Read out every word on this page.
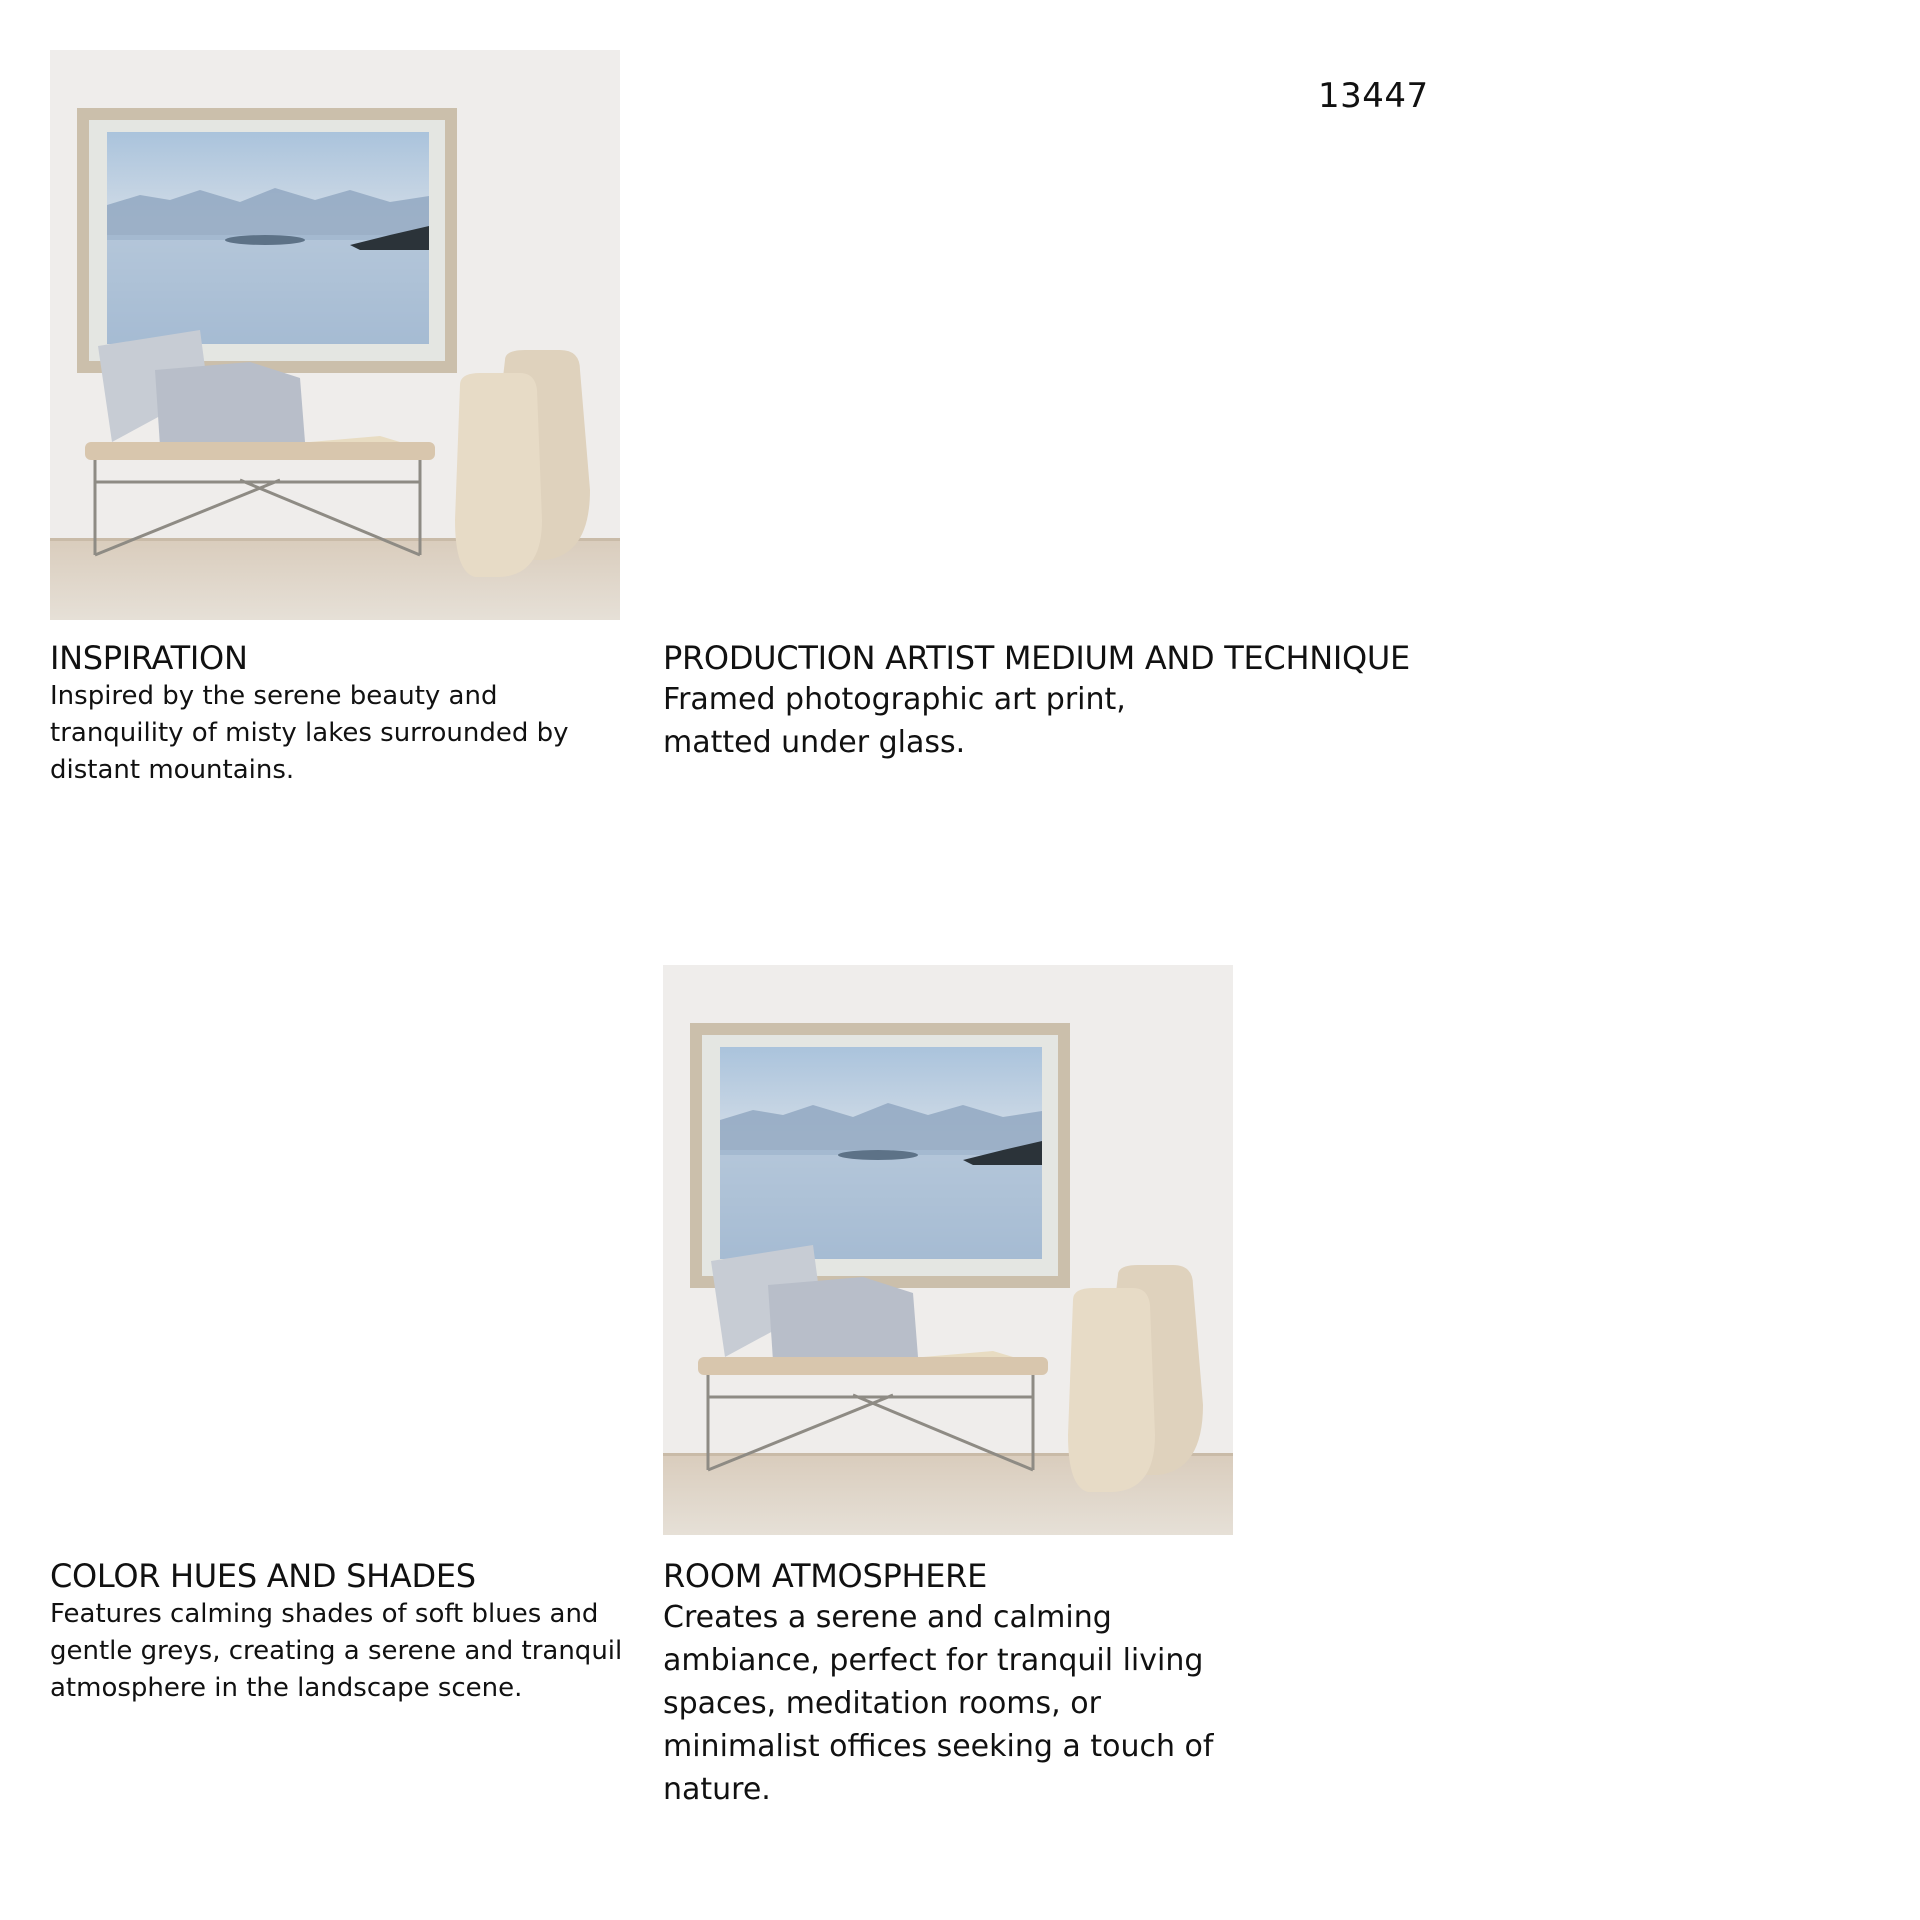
13447
INSPIRATION

Inspired by the serene beauty and tranquility of misty lakes surrounded by distant mountains.

PRODUCTION ARTIST MEDIUM AND TECHNIQUE

Framed photographic art print, matted under glass.

COLOR HUES AND SHADES

Features calming shades of soft blues and gentle greys, creating a serene and tranquil atmosphere in the landscape scene.

ROOM ATMOSPHERE

Creates a serene and calming ambiance, perfect for tranquil living spaces, meditation rooms, or minimalist offices seeking a touch of nature.
